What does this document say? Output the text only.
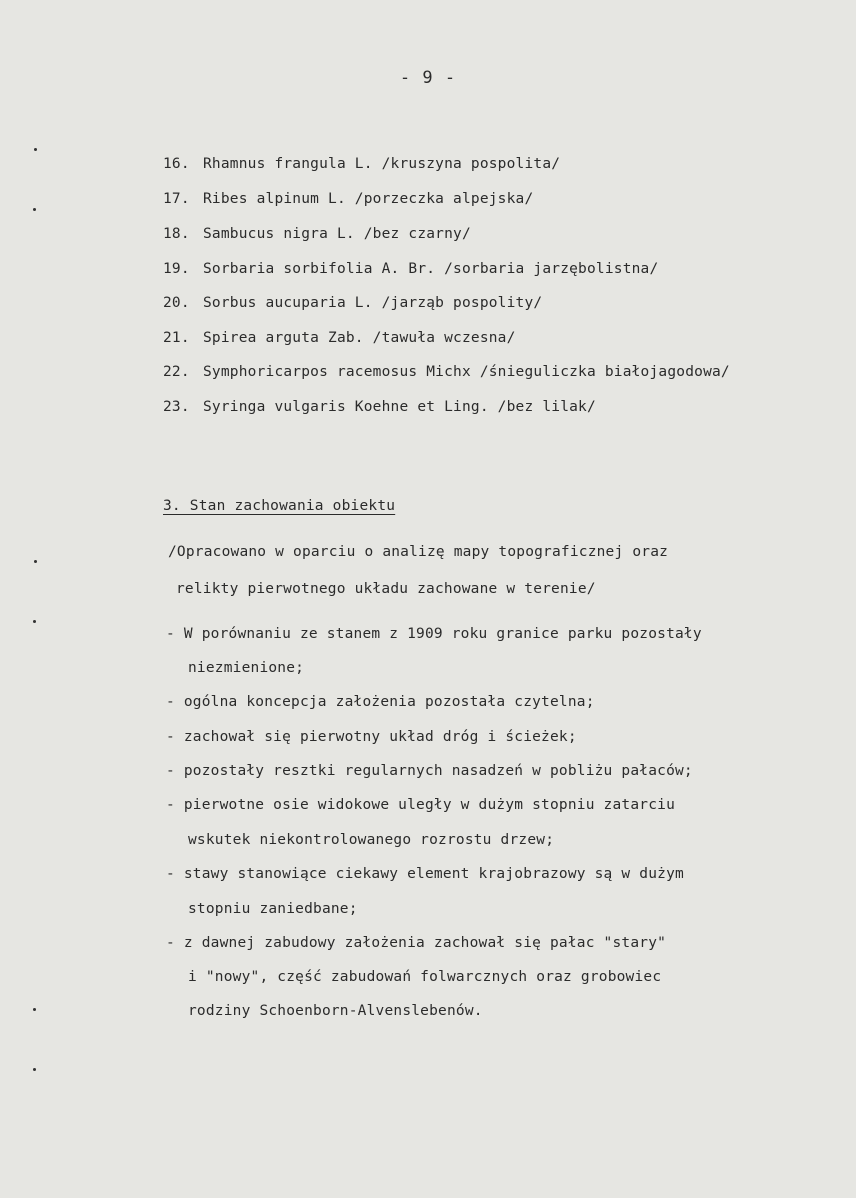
- 9 -
16. Rhamnus frangula L. /kruszyna pospolita/
17. Ribes alpinum L. /porzeczka alpejska/
18. Sambucus nigra L. /bez czarny/
19. Sorbaria sorbifolia A. Br. /sorbaria jarzębolistna/
20. Sorbus aucuparia L. /jarząb pospolity/
21. Spirea arguta Zab. /tawuła wczesna/
22. Symphoricarpos racemosus Michx /śnieguliczka białojagodowa/
23. Syringa vulgaris Koehne et Ling. /bez lilak/
3. Stan zachowania obiektu
/Opracowano w oparciu o analizę mapy topograficznej oraz
relikty pierwotnego układu zachowane w terenie/
- W porównaniu ze stanem z 1909 roku granice parku pozostały
niezmienione;
- ogólna koncepcja założenia pozostała czytelna;
- zachował się pierwotny układ dróg i ścieżek;
- pozostały resztki regularnych nasadzeń w pobliżu pałaców;
- pierwotne osie widokowe uległy w dużym stopniu zatarciu
wskutek niekontrolowanego rozrostu drzew;
- stawy stanowiące ciekawy element krajobrazowy są w dużym
stopniu zaniedbane;
- z dawnej zabudowy założenia zachował się pałac "stary"
i "nowy", część zabudowań folwarcznych oraz grobowiec
rodziny Schoenborn-Alvenslebenów.
